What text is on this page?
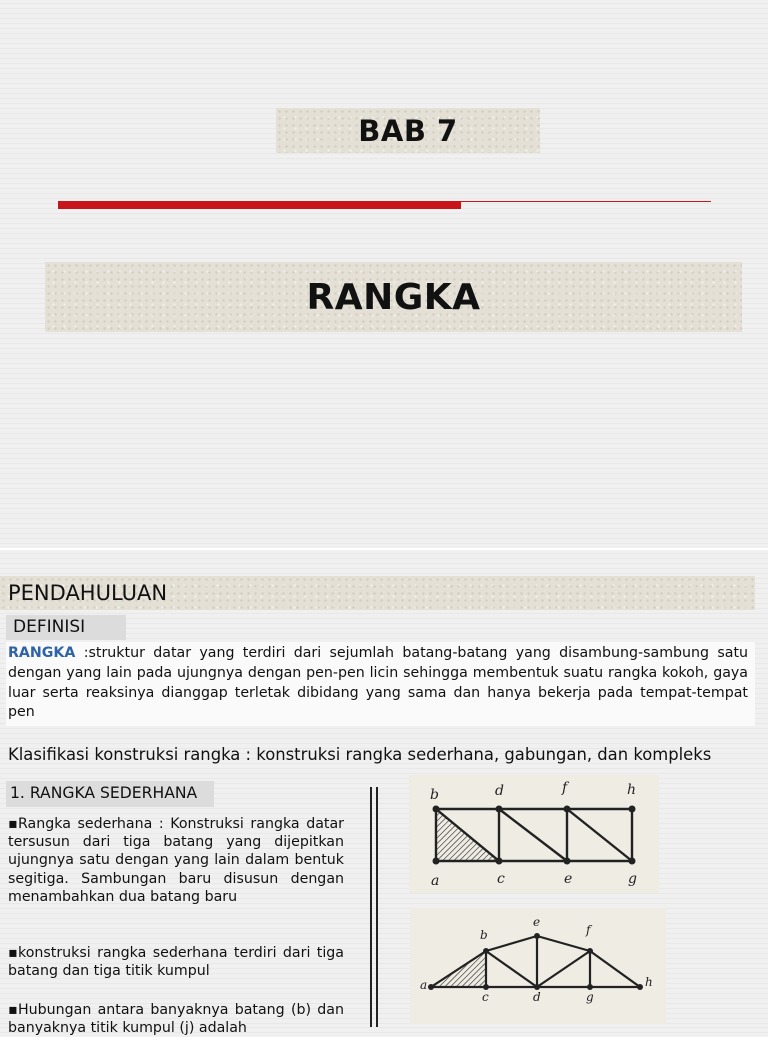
BAB 7
RANGKA
PENDAHULUAN
DEFINISI
RANGKA :struktur datar yang terdiri dari sejumlah batang-batang yang disambung-sambung satu dengan yang lain pada ujungnya dengan pen-pen licin sehingga membentuk suatu rangka kokoh, gaya luar serta reaksinya dianggap terletak dibidang yang sama dan hanya bekerja pada tempat-tempat pen
Klasifikasi konstruksi rangka : konstruksi rangka sederhana, gabungan, dan kompleks
1. RANGKA SEDERHANA
▪ Rangka sederhana : Konstruksi rangka datar tersusun dari tiga batang yang dijepitkan ujungnya satu dengan yang lain dalam bentuk segitiga. Sambungan baru disusun dengan menambahkan dua batang baru
▪ konstruksi rangka sederhana terdiri dari tiga batang dan tiga titik kumpul
▪ Hubungan antara banyaknya batang (b) dan banyaknya titik kumpul (j) adalah
b	d	f	h
a	c	e	g
a
b
e
f
h
c	d	g
